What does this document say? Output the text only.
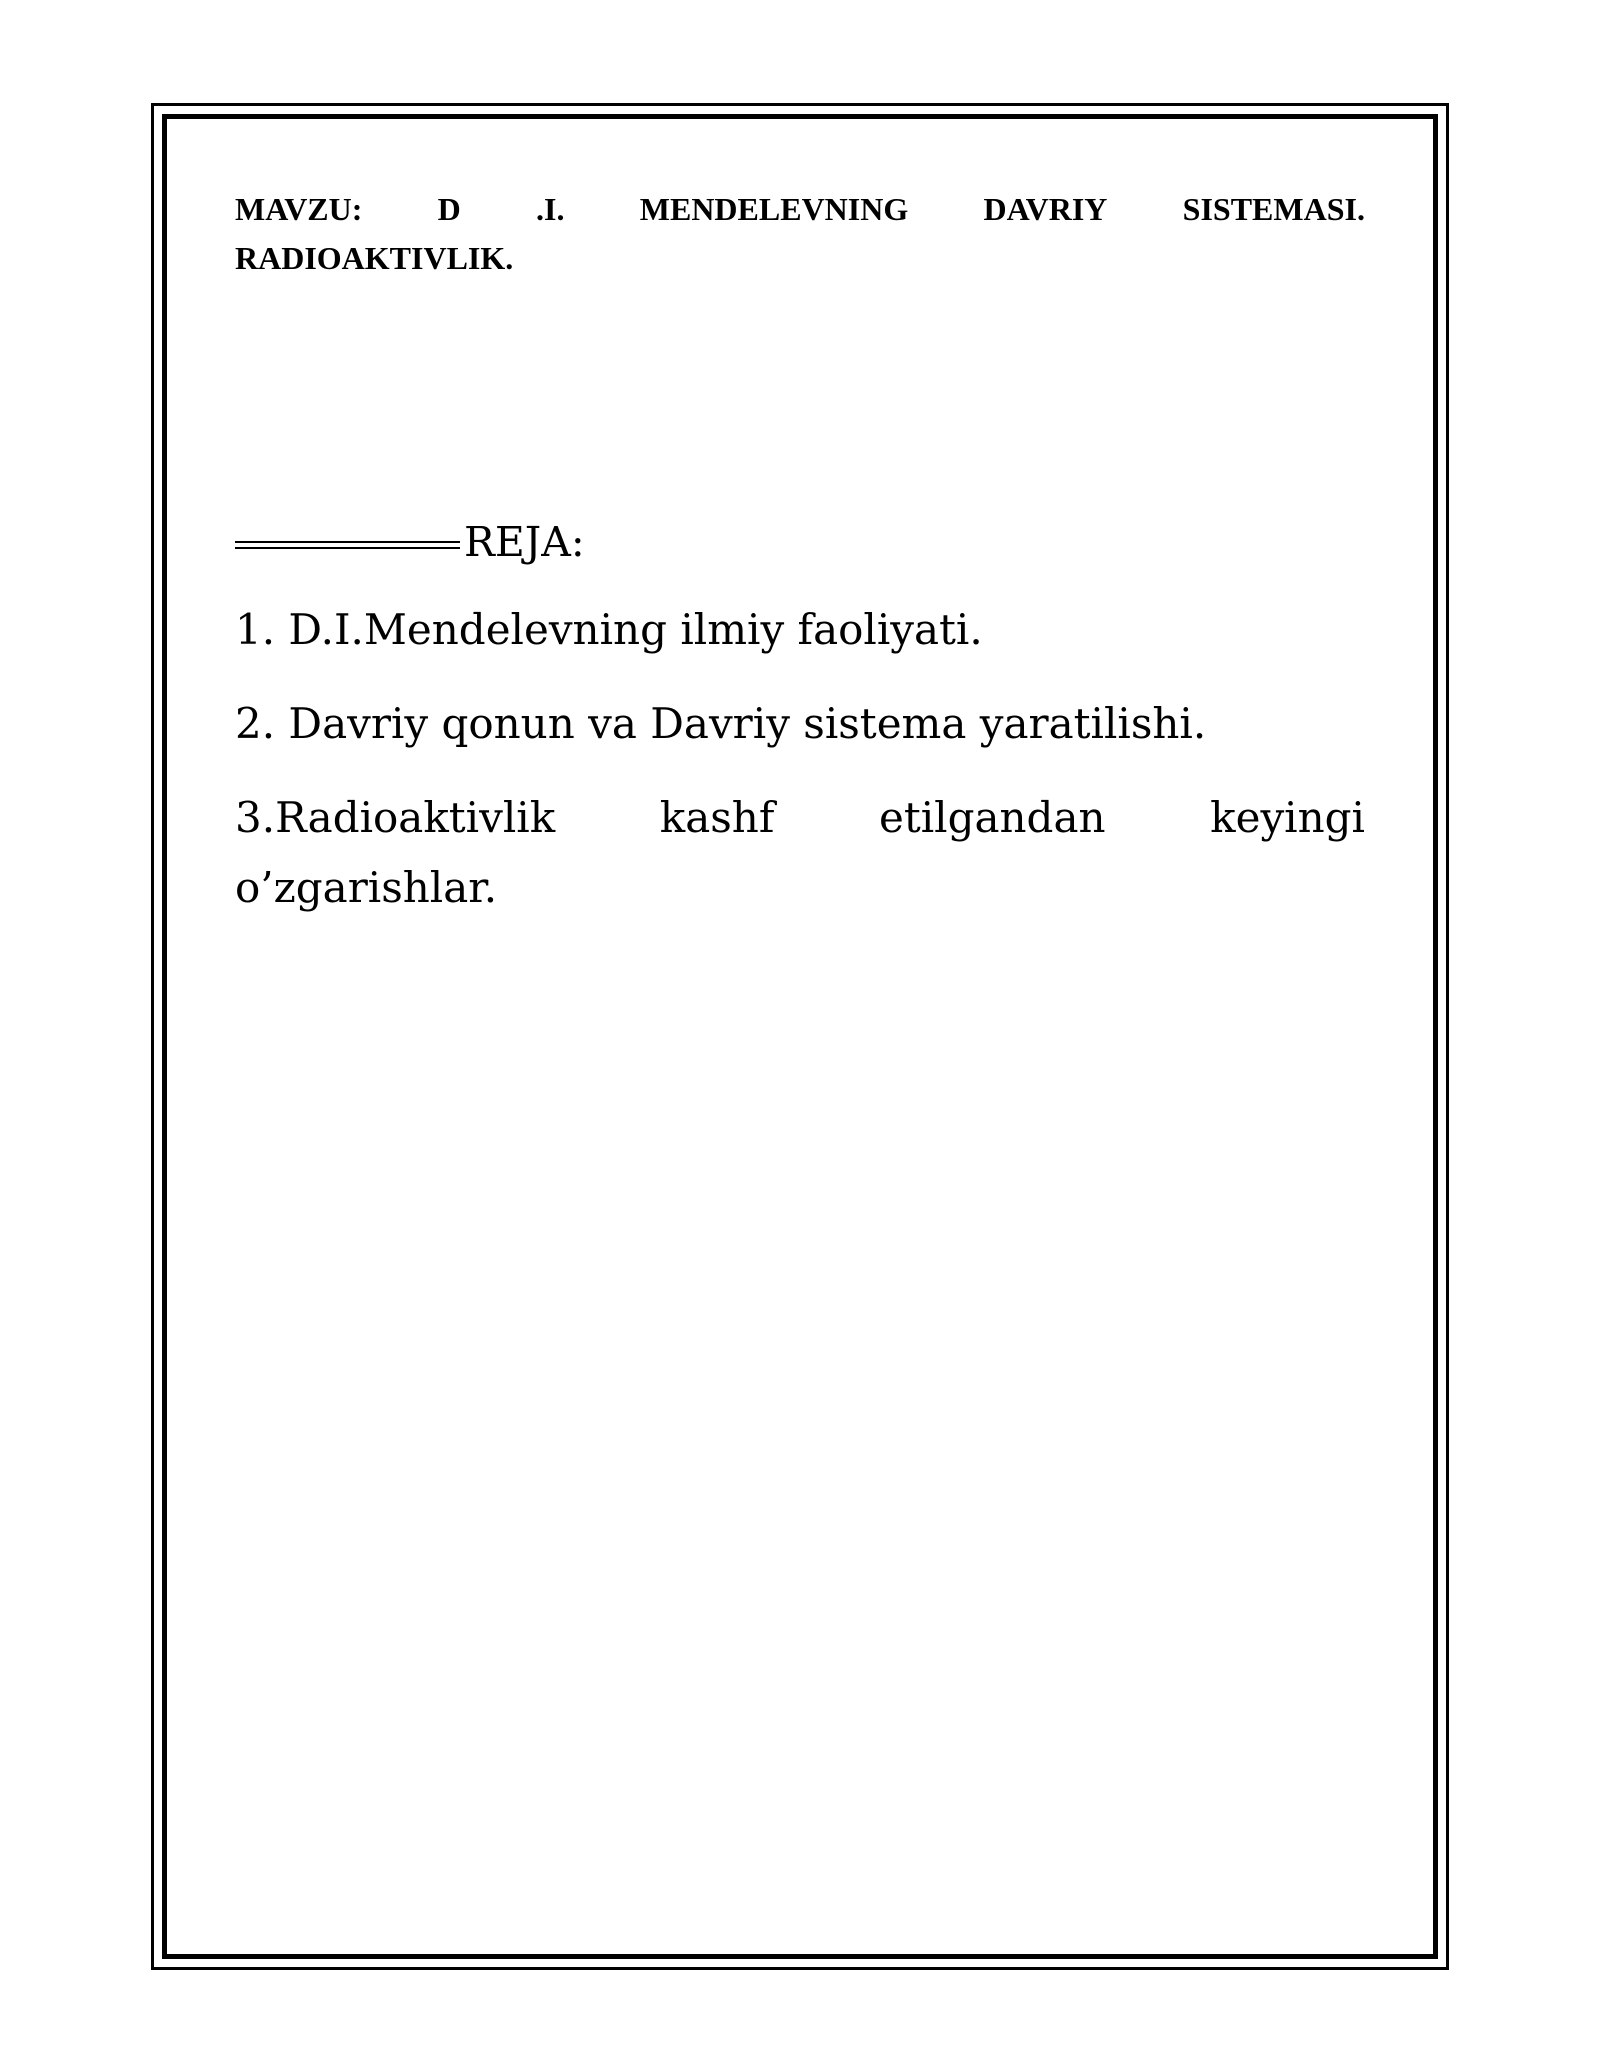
MAVZU: D .I. MENDELEVNING DAVRIY SISTEMASI.
RADIOAKTIVLIK.
REJA:

1. D.I.Mendelevning ilmiy faoliyati.

2. Davriy qonun va Davriy sistema yaratilishi.

3.Radioaktivlik kashf etilgandan keyingi
o’zgarishlar.
